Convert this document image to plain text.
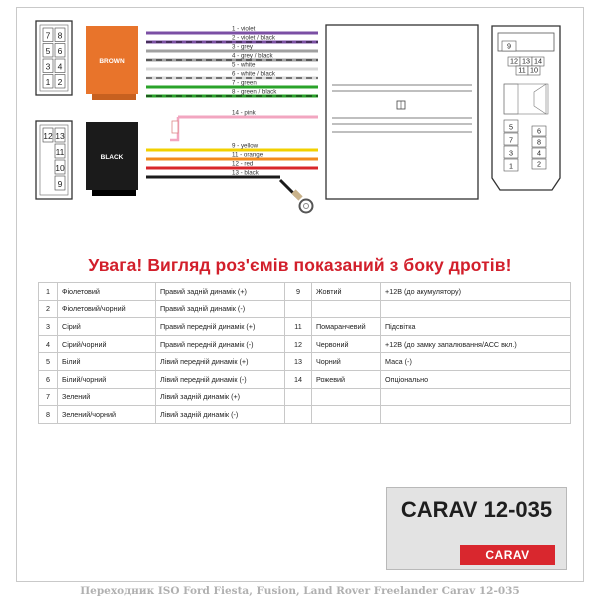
7 8
5 6
3 4
1 2
BROWN
12 13
11
10
9
BLACK
1 - violet
2 - violet / black
3 - grey
4 - grey / black
5 - white
6 - white / black
7 - green
8 - green / black
14 - pink
9 - yellow
11 - orange
12 - red
13 - black
9
12 13 14
11 10
5
7
3
1
6
8
4
2

Увага! Вигляд роз'ємів показаний з боку дротів!

1	Фіолетовий	Правий задній динамік (+)	9	Жовтий	+12В (до акумулятору)
2	Фіолетовий/чорний	Правий задній динамік (-)			
3	Сірий	Правий передній динамік (+)	11	Помаранчевий	Підсвітка
4	Сірий/чорний	Правий передній динамік (-)	12	Червоний	+12В (до замку запалювання/ACC вкл.)
5	Білий	Лівий передній динамік (+)	13	Чорний	Маса (-)
6	Білий/чорний	Лівий передній динамік (-)	14	Рожевий	Опціонально
7	Зелений	Лівий задній динамік (+)			
8	Зелений/чорний	Лівий задній динамік (-)			
CARAV 12-035
CARAV
Переходник ISO Ford Fiesta, Fusion, Land Rover Freelander Carav 12-035
